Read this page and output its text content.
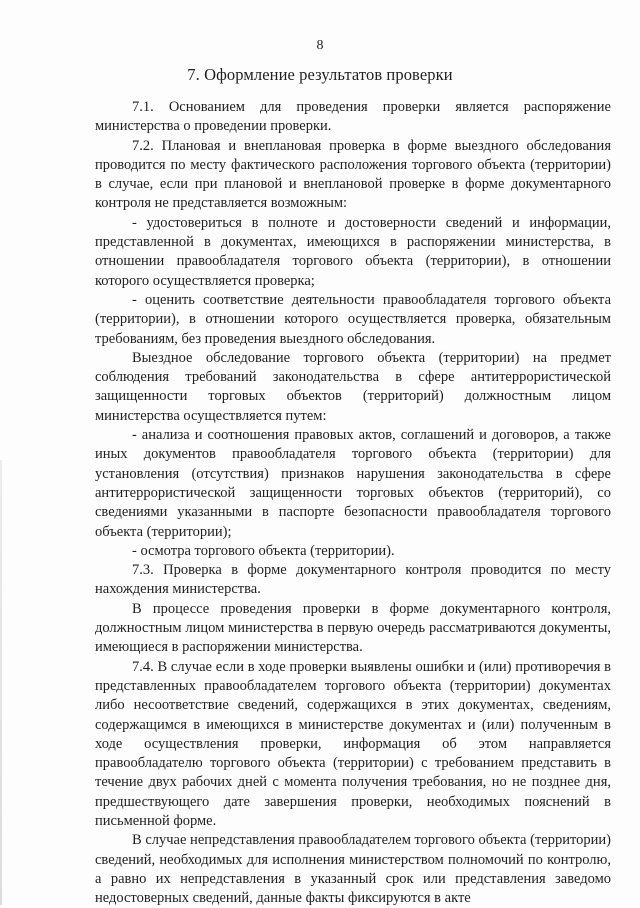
8
7. Оформление результатов проверки

7.1. Основанием для проведения проверки является распоряжение министерства о проведении проверки.

7.2. Плановая и внеплановая проверка в форме выездного обследования проводится по месту фактического расположения торгового объекта (территории) в случае, если при плановой и внеплановой проверке в форме документарного контроля не представляется возможным:

- удостовериться в полноте и достоверности сведений и информации, представленной в документах, имеющихся в распоряжении министерства, в отношении правообладателя торгового объекта (территории), в отношении которого осуществляется проверка;

- оценить соответствие деятельности правообладателя торгового объекта (территории), в отношении которого осуществляется проверка, обязательным требованиям, без проведения выездного обследования.

Выездное обследование торгового объекта (территории) на предмет соблюдения требований законодательства в сфере антитеррористической защищенности торговых объектов (территорий) должностным лицом министерства осуществляется путем:

- анализа и соотношения правовых актов, соглашений и договоров, а также иных документов правообладателя торгового объекта (территории) для установления (отсутствия) признаков нарушения законодательства в сфере антитеррористической защищенности торговых объектов (территорий), со сведениями указанными в паспорте безопасности правообладателя торгового объекта (территории);

- осмотра торгового объекта (территории).

7.3. Проверка в форме документарного контроля проводится по месту нахождения министерства.

В процессе проведения проверки в форме документарного контроля, должностным лицом министерства в первую очередь рассматриваются документы, имеющиеся в распоряжении министерства.

7.4. В случае если в ходе проверки выявлены ошибки и (или) противоречия в представленных правообладателем торгового объекта (территории) документах либо несоответствие сведений, содержащихся в этих документах, сведениям, содержащимся в имеющихся в министерстве документах и (или) полученным в ходе осуществления проверки, информация об этом направляется правообладателю торгового объекта (территории) с требованием представить в течение двух рабочих дней с момента получения требования, но не позднее дня, предшествующего дате завершения проверки, необходимых пояснений в письменной форме.

В случае непредставления правообладателем торгового объекта (территории) сведений, необходимых для исполнения министерством полномочий по контролю, а равно их непредставления в указанный срок или представления заведомо недостоверных сведений, данные факты фиксируются в акте
